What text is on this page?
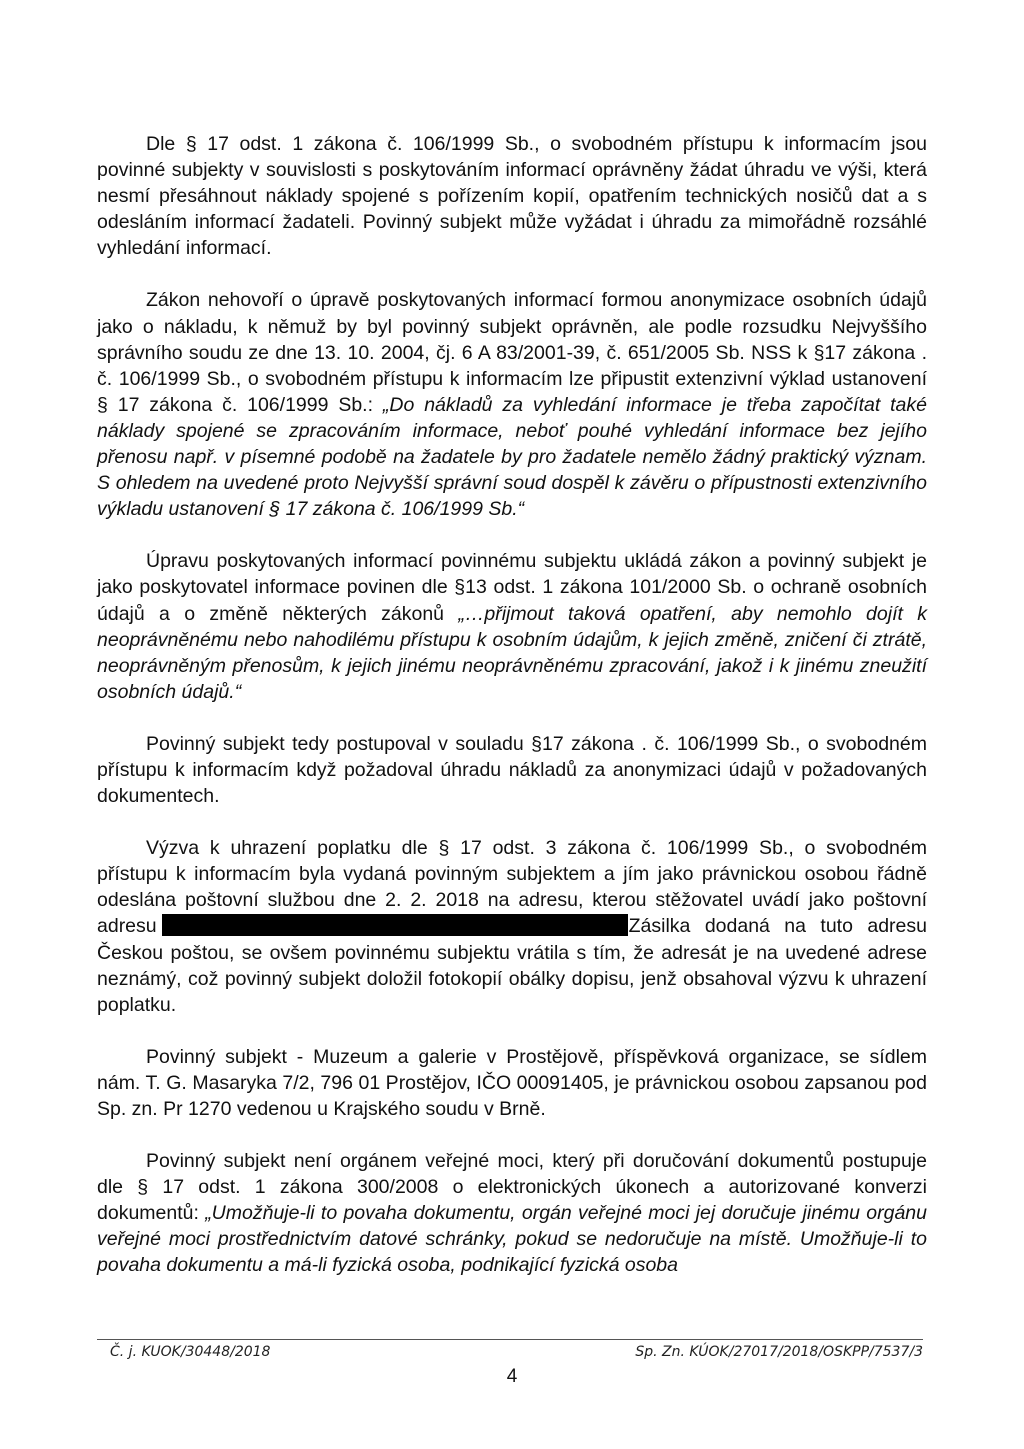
Dle § 17 odst. 1 zákona č. 106/1999 Sb., o svobodném přístupu k informacím jsou povinné subjekty v souvislosti s poskytováním informací oprávněny žádat úhradu ve výši, která nesmí přesáhnout náklady spojené s pořízením kopií, opatřením technických nosičů dat a s odesláním informací žadateli. Povinný subjekt může vyžádat i úhradu za mimořádně rozsáhlé vyhledání informací.

Zákon nehovoří o úpravě poskytovaných informací formou anonymizace osobních údajů jako o nákladu, k němuž by byl povinný subjekt oprávněn, ale podle rozsudku Nejvyššího správního soudu ze dne 13. 10. 2004, čj. 6 A 83/2001-39, č. 651/2005 Sb. NSS k §17 zákona . č. 106/1999 Sb., o svobodném přístupu k informacím lze připustit extenzivní výklad ustanovení § 17 zákona č. 106/1999 Sb.: „Do nákladů za vyhledání informace je třeba započítat také náklady spojené se zpracováním informace, neboť pouhé vyhledání informace bez jejího přenosu např. v písemné podobě na žadatele by pro žadatele nemělo žádný praktický význam. S ohledem na uvedené proto Nejvyšší správní soud dospěl k závěru o přípustnosti extenzivního výkladu ustanovení § 17 zákona č. 106/1999 Sb.“

Úpravu poskytovaných informací povinnému subjektu ukládá zákon a povinný subjekt je jako poskytovatel informace povinen dle §13 odst. 1 zákona 101/2000 Sb. o ochraně osobních údajů a o změně některých zákonů „…přijmout taková opatření, aby nemohlo dojít k neoprávněnému nebo nahodilému přístupu k osobním údajům, k jejich změně, zničení či ztrátě, neoprávněným přenosům, k jejich jinému neoprávněnému zpracování, jakož i k jinému zneužití osobních údajů.“

Povinný subjekt tedy postupoval v souladu §17 zákona . č. 106/1999 Sb., o svobodném přístupu k informacím když požadoval úhradu nákladů za anonymizaci údajů v požadovaných dokumentech.

Výzva k uhrazení poplatku dle § 17 odst. 3 zákona č. 106/1999 Sb., o svobodném přístupu k informacím byla vydaná povinným subjektem a jím jako právnickou osobou řádně odeslána poštovní službou dne 2. 2. 2018 na adresu, kterou stěžovatel uvádí jako poštovní adresu	Zásilka dodaná na tuto adresu Českou poštou, se ovšem povinnému subjektu vrátila s tím, že adresát je na uvedené adrese neznámý, což povinný subjekt doložil fotokopií obálky dopisu, jenž obsahoval výzvu k uhrazení poplatku.

Povinný subjekt - Muzeum a galerie v Prostějově, příspěvková organizace, se sídlem nám. T. G. Masaryka 7/2, 796 01 Prostějov, IČO 00091405, je právnickou osobou zapsanou pod Sp. zn. Pr 1270 vedenou u Krajského soudu v Brně.

Povinný subjekt není orgánem veřejné moci, který při doručování dokumentů postupuje dle § 17 odst. 1 zákona 300/2008 o elektronických úkonech a autorizované konverzi dokumentů: „Umožňuje-li to povaha dokumentu, orgán veřejné moci jej doručuje jinému orgánu veřejné moci prostřednictvím datové schránky, pokud se nedoručuje na místě. Umožňuje-li to povaha dokumentu a má-li fyzická osoba, podnikající fyzická osoba

Č. j. KUOK/30448/2018	Sp. Zn. KÚOK/27017/2018/OSKPP/7537/3
4
